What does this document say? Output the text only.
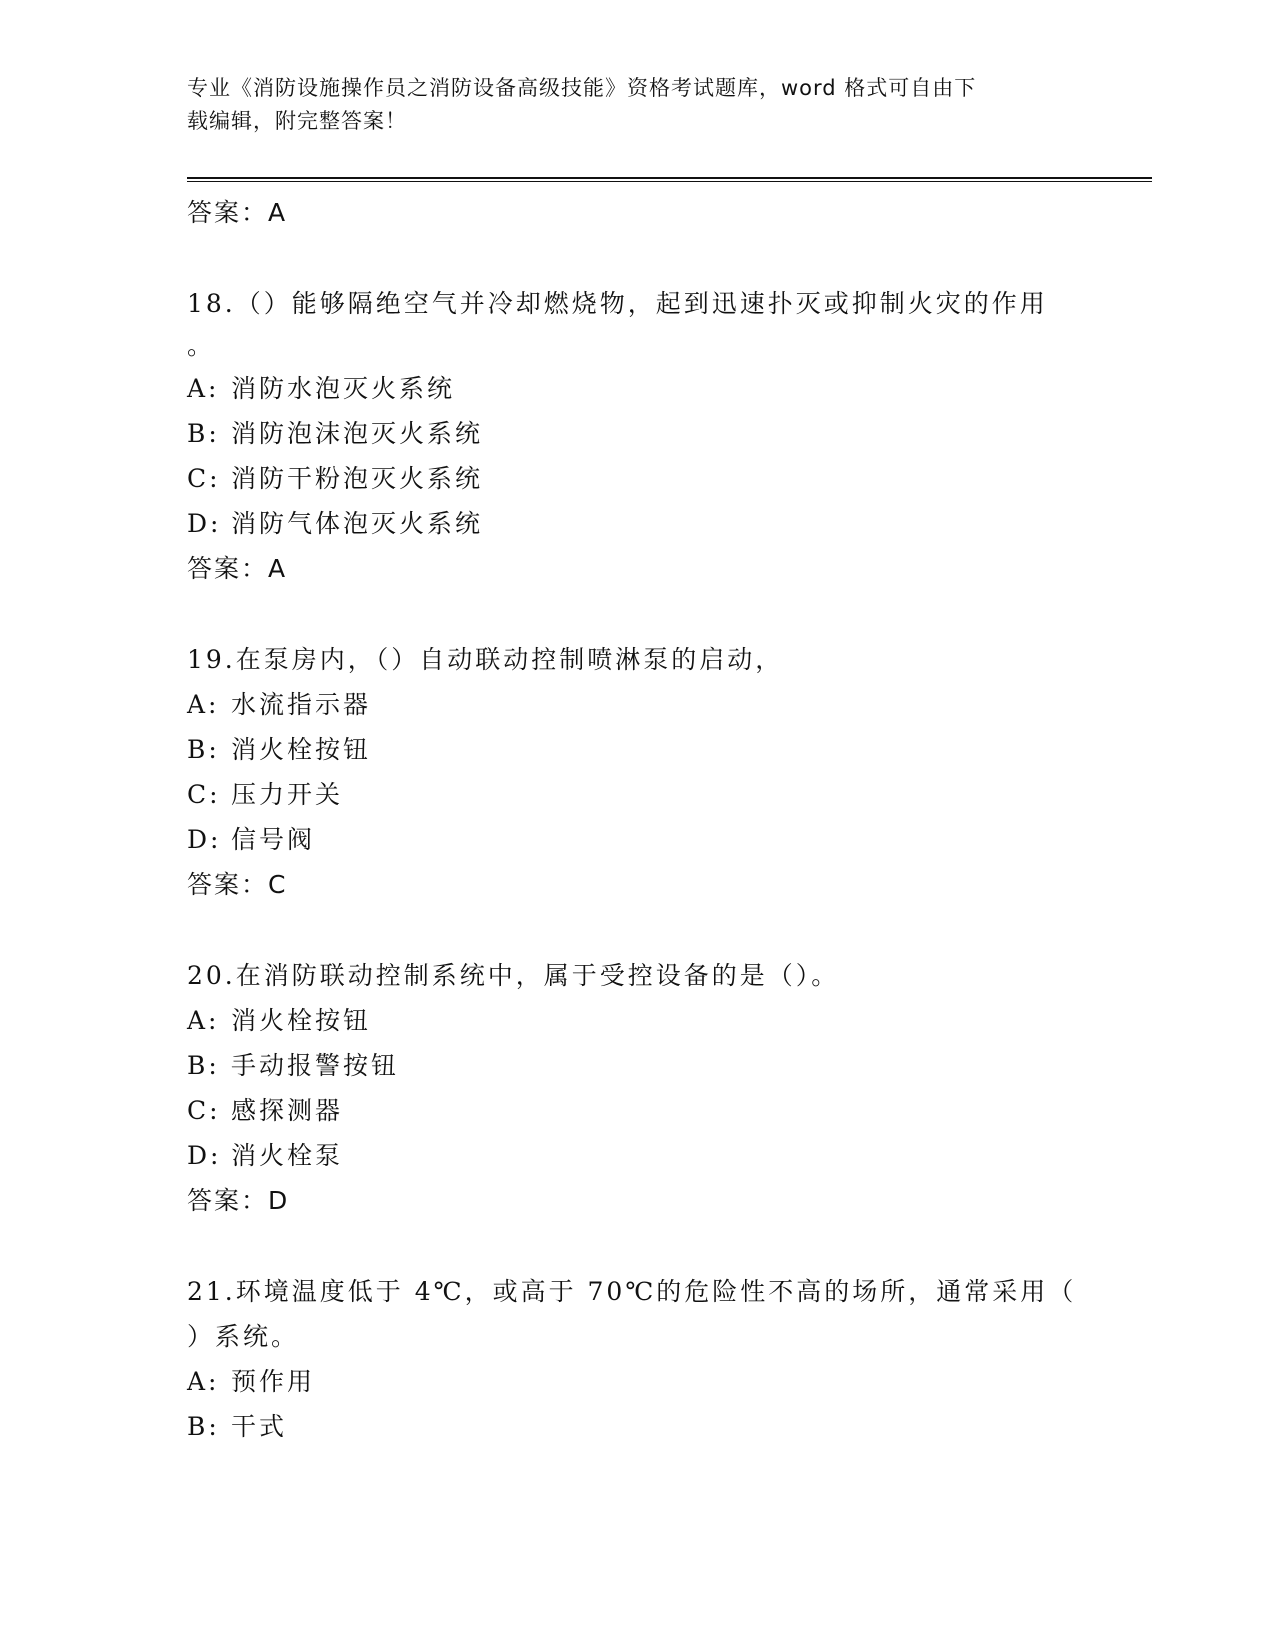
专业《消防设施操作员之消防设备高级技能》资格考试题库，word 格式可自由下
载编辑，附完整答案！
答案：A
18.（）能够隔绝空气并冷却燃烧物，起到迅速扑灭或抑制火灾的作用
。
A: 消防水泡灭火系统
B: 消防泡沫泡灭火系统
C: 消防干粉泡灭火系统
D: 消防气体泡灭火系统
答案：A
19.在泵房内，（）自动联动控制喷淋泵的启动，
A: 水流指示器
B: 消火栓按钮
C: 压力开关
D: 信号阀
答案：C
20.在消防联动控制系统中，属于受控设备的是（）。
A: 消火栓按钮
B: 手动报警按钮
C: 感探测器
D: 消火栓泵
答案：D
21.环境温度低于 4℃，或高于 70℃的危险性不高的场所，通常采用（
）系统。
A: 预作用
B: 干式
